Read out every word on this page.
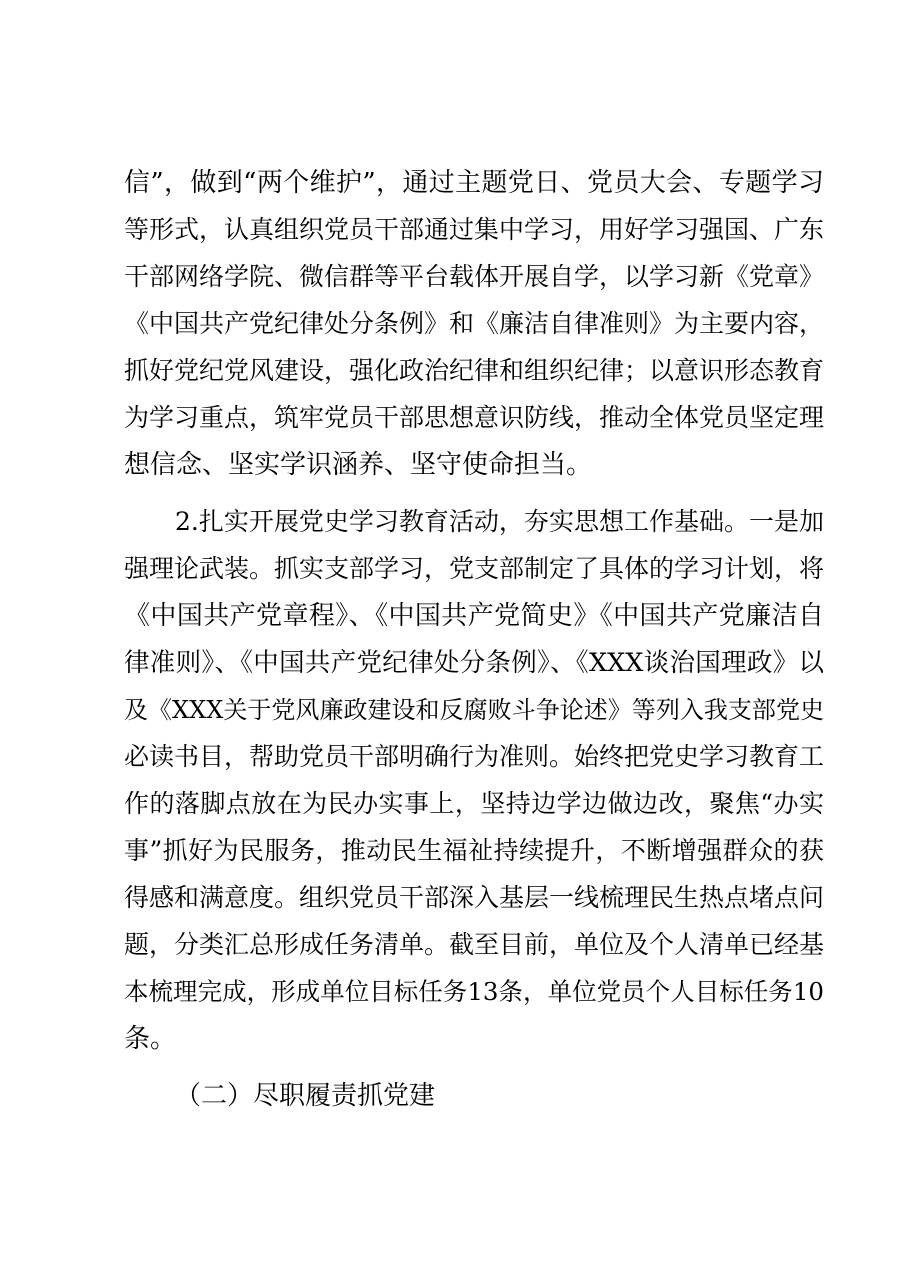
信”，做到“两个维护”，通过主题党日、党员大会、专题学习
等形式，认真组织党员干部通过集中学习，用好学习强国、广东
干部网络学院、微信群等平台载体开展自学，以学习新《党章》
《中国共产党纪律处分条例》和《廉洁自律准则》为主要内容，
抓好党纪党风建设，强化政治纪律和组织纪律；以意识形态教育
为学习重点，筑牢党员干部思想意识防线，推动全体党员坚定理
想信念、坚实学识涵养、坚守使命担当。
2.扎实开展党史学习教育活动，夯实思想工作基础。一是加
强理论武装。抓实支部学习，党支部制定了具体的学习计划，将
《中国共产党章程》、《中国共产党简史》《中国共产党廉洁自
律准则》、《中国共产党纪律处分条例》、《XXX谈治国理政》以
及《XXX关于党风廉政建设和反腐败斗争论述》等列入我支部党史
必读书目，帮助党员干部明确行为准则。始终把党史学习教育工
作的落脚点放在为民办实事上，坚持边学边做边改，聚焦“办实
事”抓好为民服务，推动民生福祉持续提升，不断增强群众的获
得感和满意度。组织党员干部深入基层一线梳理民生热点堵点问
题，分类汇总形成任务清单。截至目前，单位及个人清单已经基
本梳理完成，形成单位目标任务13条，单位党员个人目标任务10
条。
（二）尽职履责抓党建
